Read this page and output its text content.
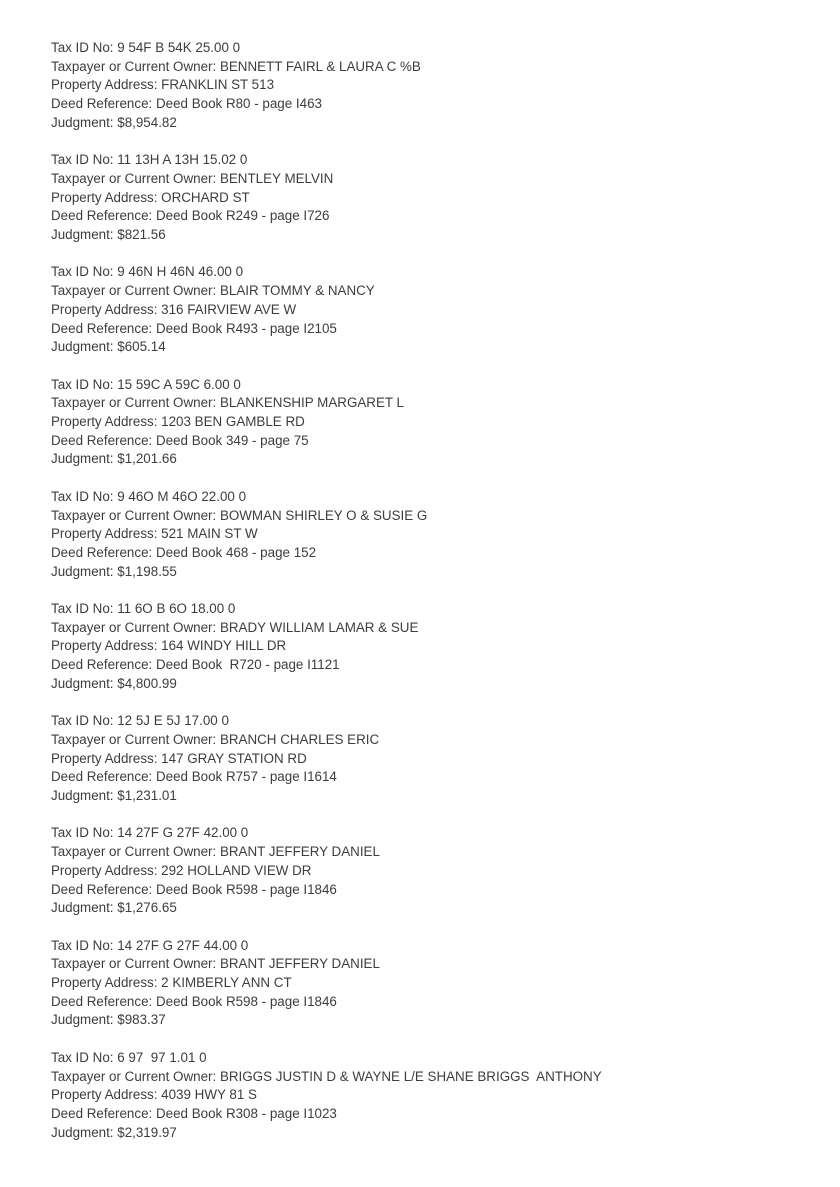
Tax ID No: 9 54F B 54K 25.00 0
Taxpayer or Current Owner: BENNETT FAIRL & LAURA C %B
Property Address: FRANKLIN ST 513
Deed Reference: Deed Book R80 - page I463
Judgment: $8,954.82
Tax ID No: 11 13H A 13H 15.02 0
Taxpayer or Current Owner: BENTLEY MELVIN
Property Address: ORCHARD ST
Deed Reference: Deed Book R249 - page I726
Judgment: $821.56
Tax ID No: 9 46N H 46N 46.00 0
Taxpayer or Current Owner: BLAIR TOMMY & NANCY
Property Address: 316 FAIRVIEW AVE W
Deed Reference: Deed Book R493 - page I2105
Judgment: $605.14
Tax ID No: 15 59C A 59C 6.00 0
Taxpayer or Current Owner: BLANKENSHIP MARGARET L
Property Address: 1203 BEN GAMBLE RD
Deed Reference: Deed Book 349 - page 75
Judgment: $1,201.66
Tax ID No: 9 46O M 46O 22.00 0
Taxpayer or Current Owner: BOWMAN SHIRLEY O & SUSIE G
Property Address: 521 MAIN ST W
Deed Reference: Deed Book 468 - page 152
Judgment: $1,198.55
Tax ID No: 11 6O B 6O 18.00 0
Taxpayer or Current Owner: BRADY WILLIAM LAMAR & SUE
Property Address: 164 WINDY HILL DR
Deed Reference: Deed Book  R720 - page I1121
Judgment: $4,800.99
Tax ID No: 12 5J E 5J 17.00 0
Taxpayer or Current Owner: BRANCH CHARLES ERIC
Property Address: 147 GRAY STATION RD
Deed Reference: Deed Book R757 - page I1614
Judgment: $1,231.01
Tax ID No: 14 27F G 27F 42.00 0
Taxpayer or Current Owner: BRANT JEFFERY DANIEL
Property Address: 292 HOLLAND VIEW DR
Deed Reference: Deed Book R598 - page I1846
Judgment: $1,276.65
Tax ID No: 14 27F G 27F 44.00 0
Taxpayer or Current Owner: BRANT JEFFERY DANIEL
Property Address: 2 KIMBERLY ANN CT
Deed Reference: Deed Book R598 - page I1846
Judgment: $983.37
Tax ID No: 6 97  97 1.01 0
Taxpayer or Current Owner: BRIGGS JUSTIN D & WAYNE L/E SHANE BRIGGS  ANTHONY
Property Address: 4039 HWY 81 S
Deed Reference: Deed Book R308 - page I1023
Judgment: $2,319.97
